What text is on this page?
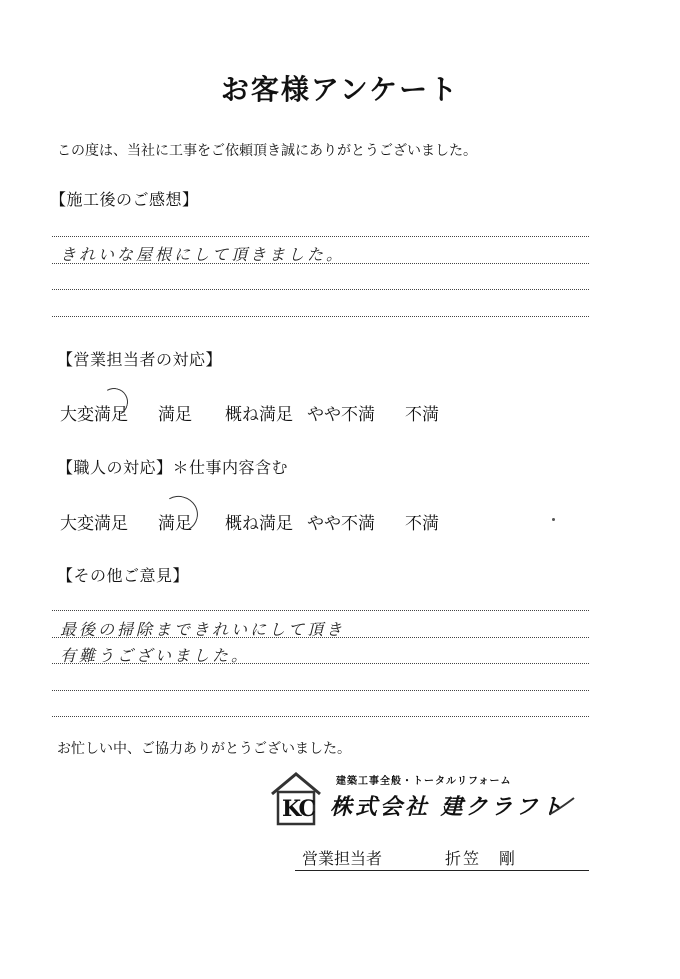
お客様アンケート
この度は、当社に工事をご依頼頂き誠にありがとうございました。
【施工後のご感想】
きれいな屋根にして頂きました。
【営業担当者の対応】
大変満足 満足 概ね満足 やや不満 不満
【職人の対応】＊仕事内容含む
大変満足 満足 概ね満足 やや不満 不満
【その他ご意見】
最後の掃除まできれいにして頂き
有難うございました。
お忙しい中、ご協力ありがとうございました。
KC
建築工事全般・トータルリフォーム
株式会社 建クラフト
営業担当者	折笠　剛
